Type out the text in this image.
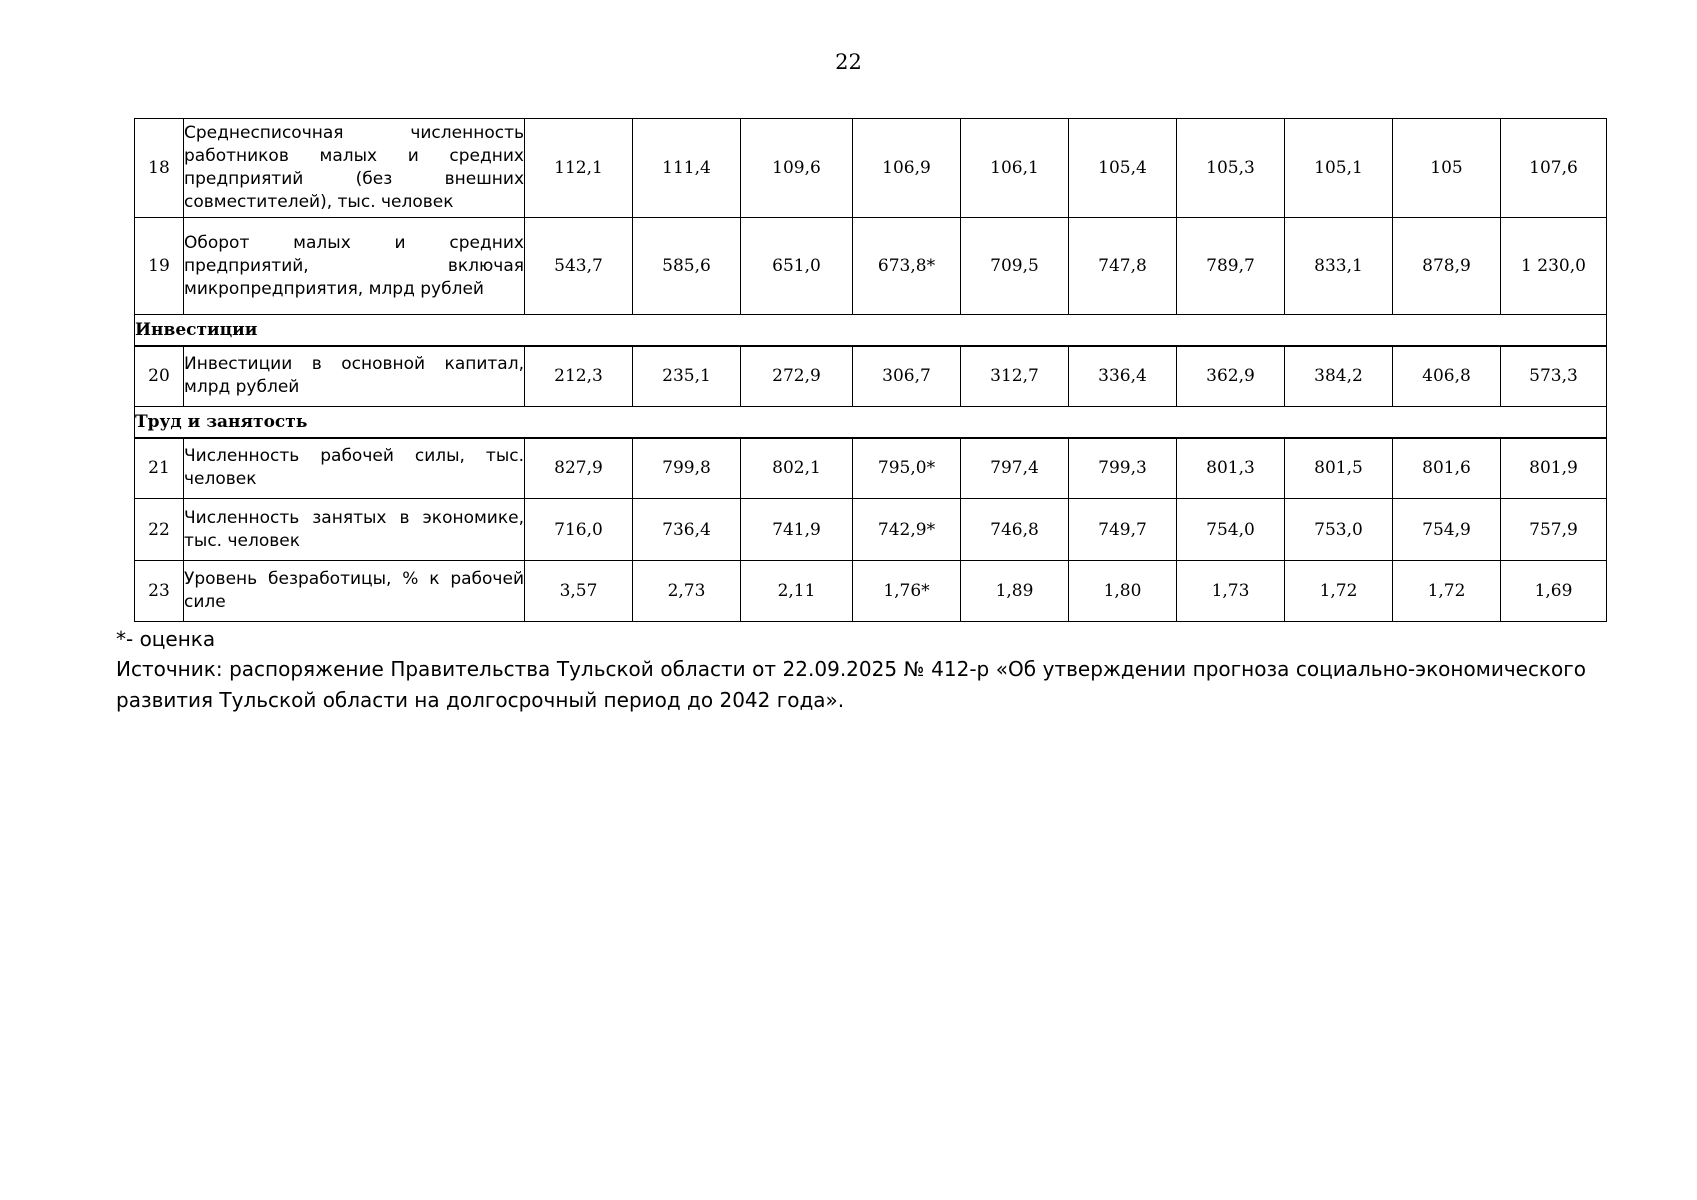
22
18	Среднесписочная численность работников малых и средних предприятий (без внешних совместителей), тыс. человек	112,1	111,4	109,6	106,9	106,1	105,4	105,3	105,1	105	107,6
19	Оборот малых и средних предприятий, включая микропредприятия, млрд рублей	543,7	585,6	651,0	673,8*	709,5	747,8	789,7	833,1	878,9	1 230,0
Инвестиции											
20	Инвестиции в основной капитал, млрд рублей	212,3	235,1	272,9	306,7	312,7	336,4	362,9	384,2	406,8	573,3
Труд и занятость											
21	Численность рабочей силы, тыс. человек	827,9	799,8	802,1	795,0*	797,4	799,3	801,3	801,5	801,6	801,9
22	Численность занятых в экономике, тыс. человек	716,0	736,4	741,9	742,9*	746,8	749,7	754,0	753,0	754,9	757,9
23	Уровень безработицы, % к рабочей силе	3,57	2,73	2,11	1,76*	1,89	1,80	1,73	1,72	1,72	1,69
*- оценка
Источник: распоряжение Правительства Тульской области от 22.09.2025 № 412-р «Об утверждении прогноза социально-экономического развития Тульской области на долгосрочный период до 2042 года».
